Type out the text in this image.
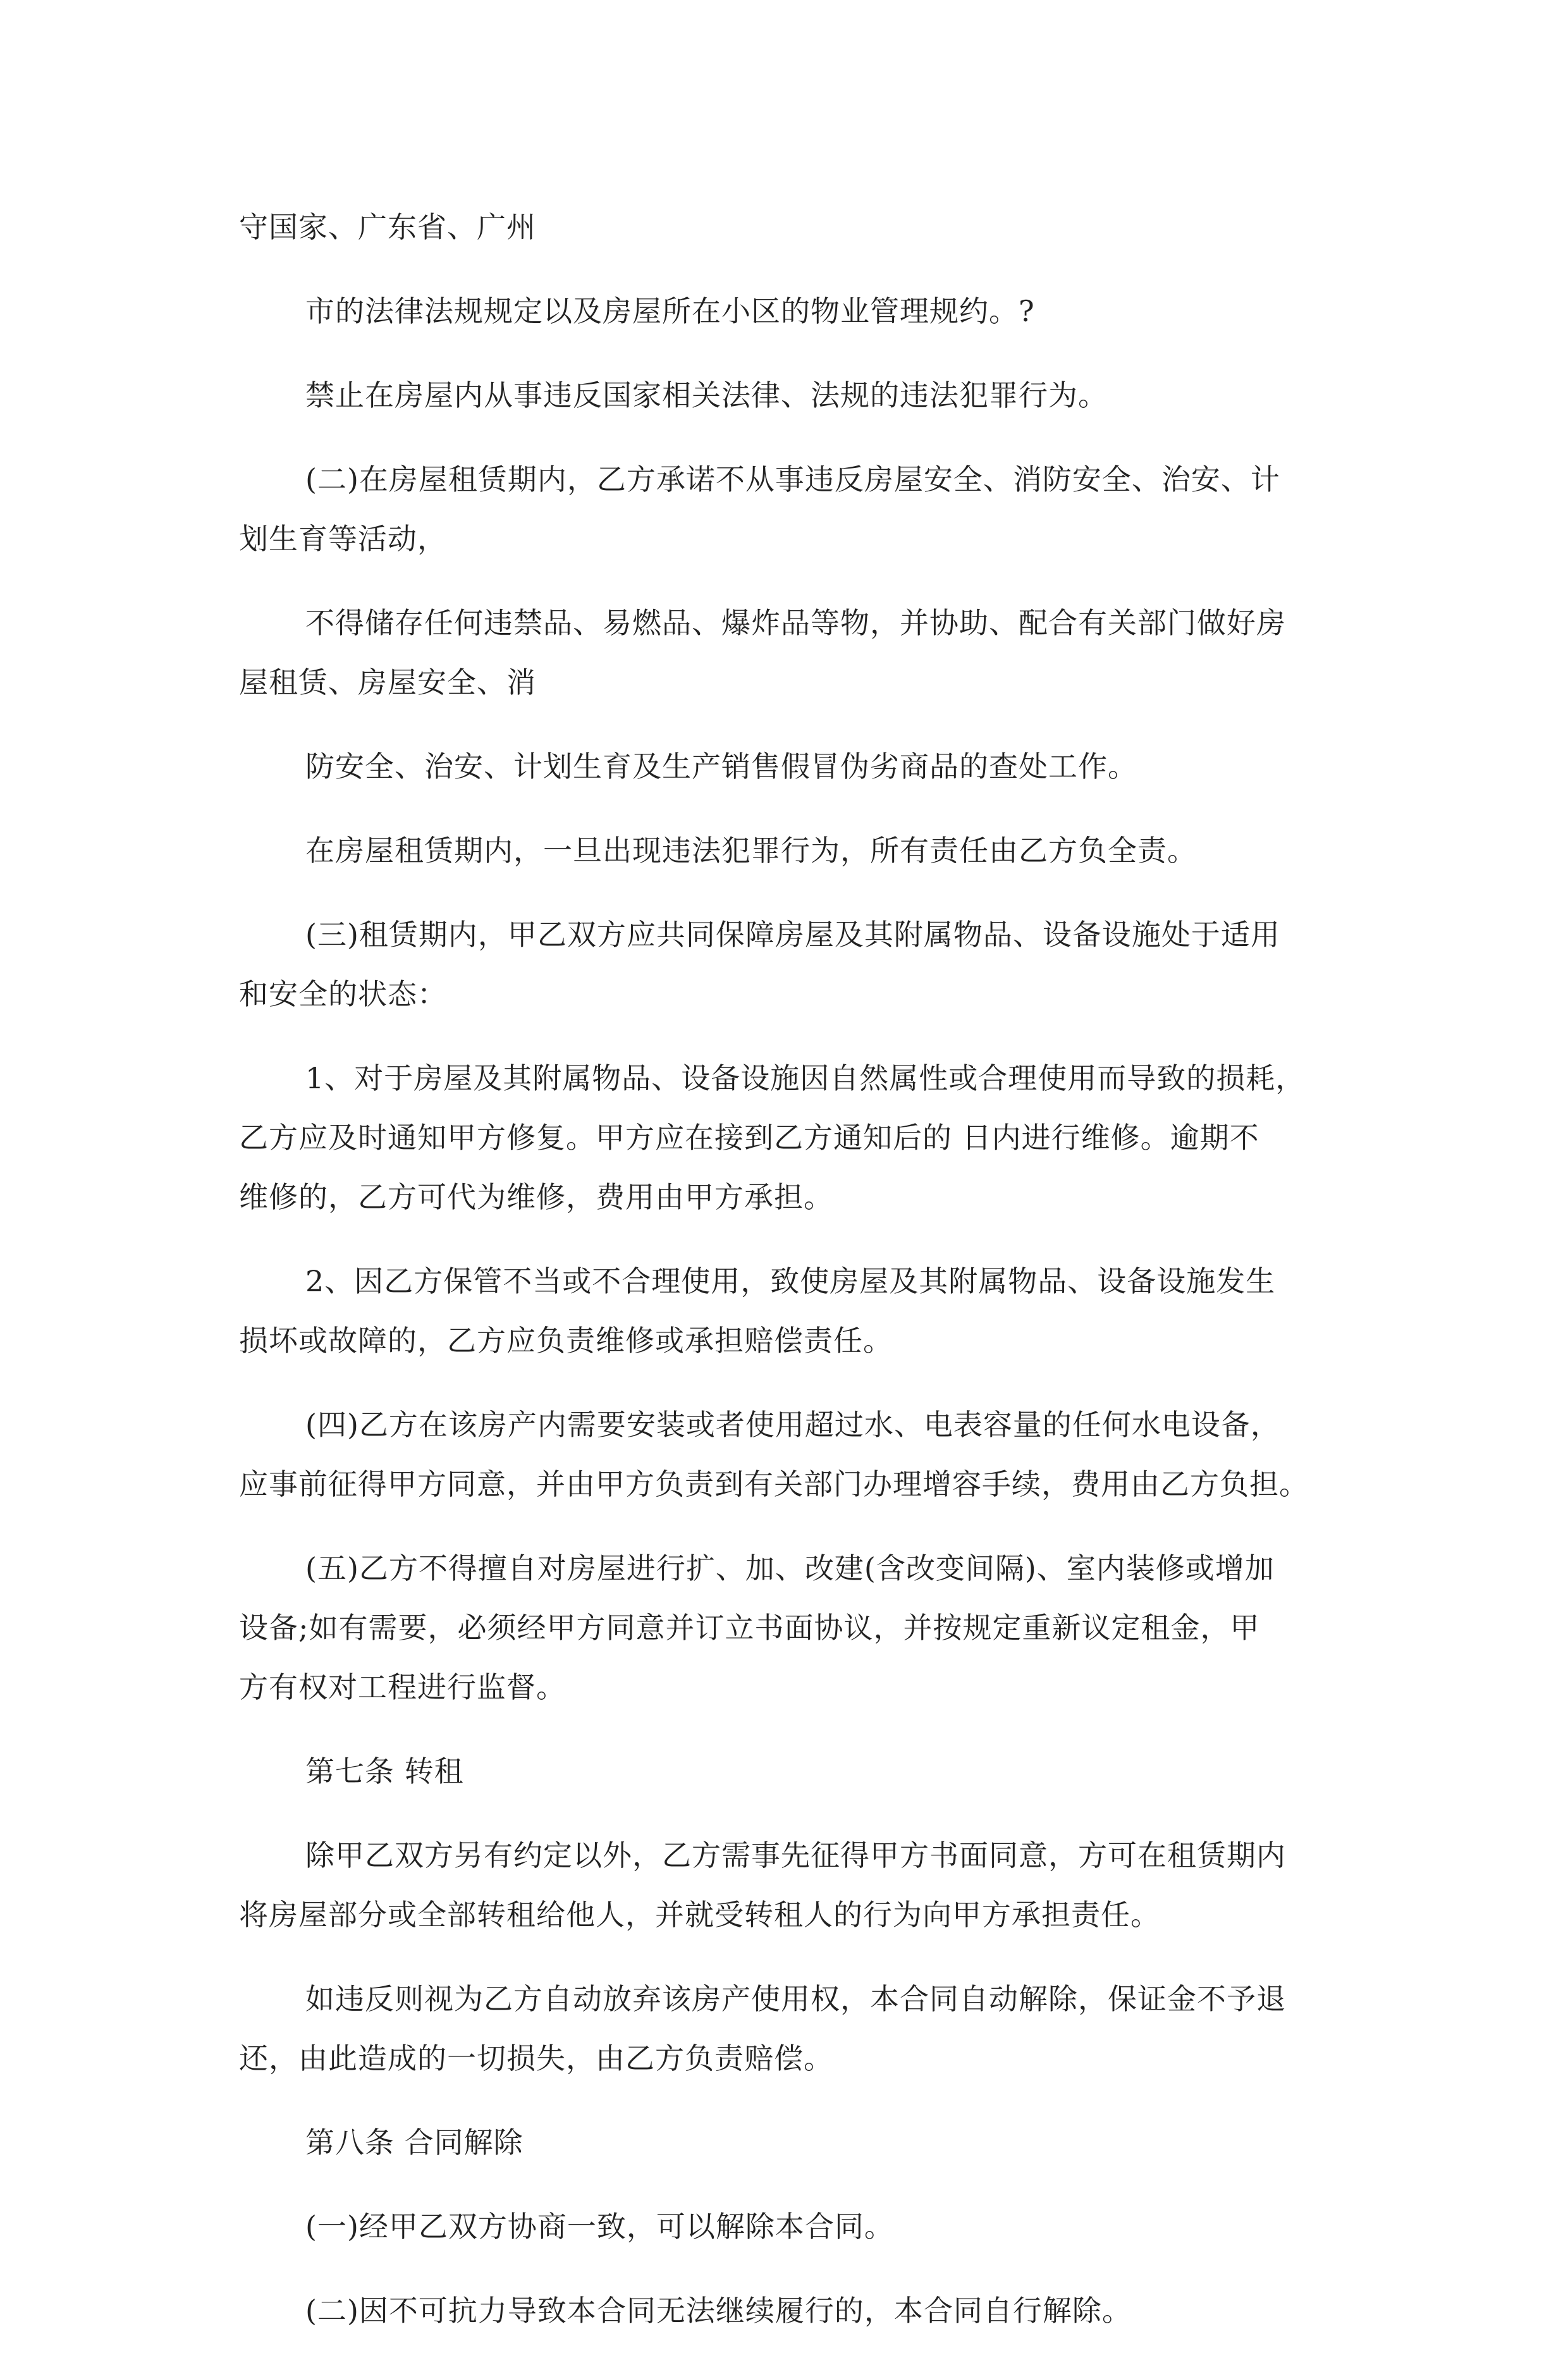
守国家、广东省、广州

市的法律法规规定以及房屋所在小区的物业管理规约。?

禁止在房屋内从事违反国家相关法律、法规的违法犯罪行为。

(二)在房屋租赁期内，乙方承诺不从事违反房屋安全、消防安全、治安、计
划生育等活动，

不得储存任何违禁品、易燃品、爆炸品等物，并协助、配合有关部门做好房
屋租赁、房屋安全、消

防安全、治安、计划生育及生产销售假冒伪劣商品的查处工作。

在房屋租赁期内，一旦出现违法犯罪行为，所有责任由乙方负全责。

(三)租赁期内，甲乙双方应共同保障房屋及其附属物品、设备设施处于适用
和安全的状态：

1、对于房屋及其附属物品、设备设施因自然属性或合理使用而导致的损耗，
乙方应及时通知甲方修复。甲方应在接到乙方通知后的 日内进行维修。逾期不
维修的，乙方可代为维修，费用由甲方承担。

2、因乙方保管不当或不合理使用，致使房屋及其附属物品、设备设施发生
损坏或故障的，乙方应负责维修或承担赔偿责任。

(四)乙方在该房产内需要安装或者使用超过水、电表容量的任何水电设备，
应事前征得甲方同意，并由甲方负责到有关部门办理增容手续，费用由乙方负担。

(五)乙方不得擅自对房屋进行扩、加、改建(含改变间隔)、室内装修或增加
设备;如有需要，必须经甲方同意并订立书面协议，并按规定重新议定租金，甲
方有权对工程进行监督。

第七条 转租

除甲乙双方另有约定以外，乙方需事先征得甲方书面同意，方可在租赁期内
将房屋部分或全部转租给他人，并就受转租人的行为向甲方承担责任。

如违反则视为乙方自动放弃该房产使用权，本合同自动解除，保证金不予退
还，由此造成的一切损失，由乙方负责赔偿。

第八条 合同解除

(一)经甲乙双方协商一致，可以解除本合同。

(二)因不可抗力导致本合同无法继续履行的，本合同自行解除。
